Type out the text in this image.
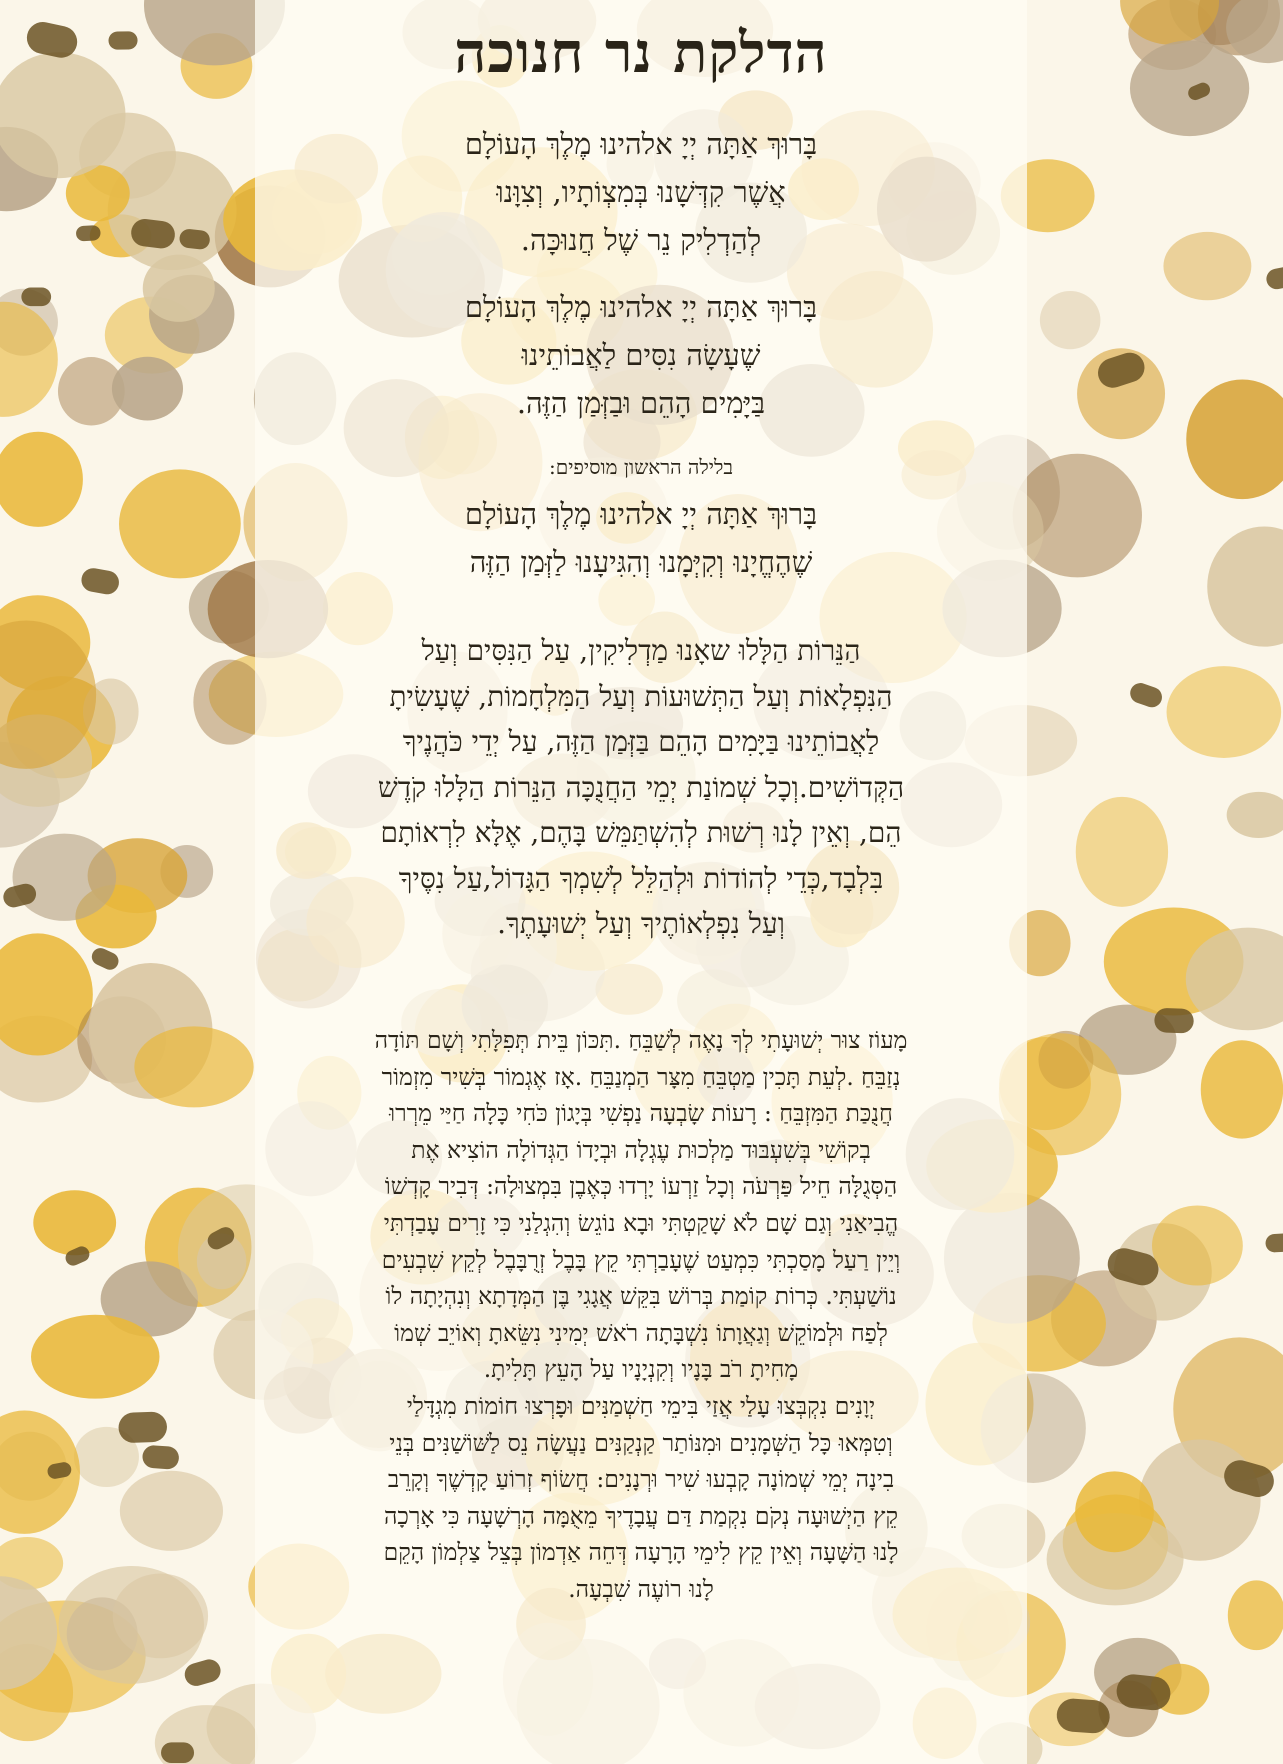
הדלקת נר חנוכה
בָּרוּךְ אַתָּה יְיָ אלהינוּ מֶלֶךְ הָעוֹלָם
אֲשֶׁר קִדְּשָׁנוּ בְּמִצְוֹתָיו, וְצִוָּנוּ
לְהַדְלִיק נֵר שֶׁל חֲנוּכָּה.
בָּרוּךְ אַתָּה יְיָ אלהינוּ מֶלֶךְ הָעוֹלָם
שֶׁעָשָׂה נִסִּים לַאֲבוֹתֵינוּ
בַּיָּמִים הָהֵם וּבַזְּמַן הַזֶּה.
בלילה הראשון מוסיפים:
בָּרוּךְ אַתָּה יְיָ אלהינוּ מֶלֶךְ הָעוֹלָם
שֶׁהֶחֱיָנוּ וְקִיְּמָנוּ וְהִגִּיעָנוּ לַזְּמַן הַזֶּה
הַנֵּרוֹת הַלָּלוּ שאָנוּ מַדְלִיקִין, עַל הַנִּסִּים וְעַל
הַנִּפְלָאוֹת וְעַל הַתְּשׁוּעוֹת וְעַל הַמִּלְחָמוֹת, שֶׁעָשִׂיתָ
לַאֲבוֹתֵינוּ בַּיָּמִים הָהֵם בַּזְּמַן הַזֶּה, עַל יְדֵי כֹּהֲנֶיךָ
הַקְּדוֹשִׁים.וְכָל שְׁמוֹנַת יְמֵי הַחֲנֻכָּה הַנֵּרוֹת הַלָּלוּ קֹדֶשׁ
הֵם, וְאֵין לָנוּ רְשׁוּת לְהִשְׁתַּמֵּשׁ בָּהֶם, אֶלָּא לִרְאוֹתָם
בִּלְבָד,כְּדֵי לְהוֹדוֹת וּלְהַלֵּל לְשִׁמְךָ הַגָּדוֹל,עַל נִסֶּיךָ
וְעַל נִפְלְאוֹתֶיךָ וְעַל יְשׁוּעָתֶךָ.
מָעוֹז צוּר יְשׁוּעָתִי לְךָ נָאֶה לְשַׁבֵּחַ .תִּכּוֹן בֵּית תְּפִלָּתִי וְשָׁם תּוֹדָה
נְזַבֵּחַ .לְעֵת תָּכִין מַטְבֵּחַ מִצָּר הַמְנַבֵּחַ .אָז אֶגְמוֹר בְּשִׁיר מִזְמוֹר
חֲנֻכַּת הַמִּזְבֵּחַ : רָעוֹת שָׂבְעָה נַפְשִׁי בְּיָגוֹן כֹּחִי כָּלָה חַיַּי מֵרְרוּ
בְקוֹשִׁי בְּשִׁעְבּוּד מַלְכוּת עֶגְלָה וּבְיָדוֹ הַגְּדוֹלָה הוֹצִיא אֶת
הַסְּגֻלָּה חֵיל פַּרְעֹה וְכָל זַרְעוֹ יָרְדוּ כְּאֶבֶן בִּמְצוּלָה: דְּבִיר קָדְשׁוֹ
הֱבִיאַנִי וְגַם שָׁם לֹא שָׁקַטְתִּי וּבָא נוֹגֵשׂ וְהִגְלַנִי כִּי זָרִים עָבַדְתִּי
וְיֵין רַעַל מָסַכְתִּי כִּמְעַט שֶׁעָבַרְתִּי קֵץ בָּבֶל זְרֻבָּבֶל לְקֵץ שִׁבְעִים
נוֹשַׁעְתִּי. כְּרוֹת קוֹמַת בְּרוֹשׁ בִּקֵּשׁ אֲגָגִי בֶּן הַמְּדָתָא וְנִהְיָתָה לוֹ
לְפַח וּלְמוֹקֵשׁ וְגַאֲוָתוֹ נִשְׁבָּתָה רֹאשׁ יְמִינִי נִשֵּׂאתָ וְאוֹיֵב שְׁמוֹ
מָחִיתָ רֹב בָּנָיו וְקִנְיָנָיו עַל הָעֵץ תָּלִיתָ.
יְוָנִים נִקְבְּצוּ עָלַי אֲזַי בִּימֵי חַשְׁמַנִּים וּפָרְצוּ חוֹמוֹת מִגְדָּלַי
וְטִמְּאוּ כָּל הַשְּׁמָנִים וּמִנּוֹתַר קַנְקַנִּים נַעֲשָׂה נֵס לַשּׁוֹשַׁנִּים בְּנֵי
בִינָה יְמֵי שְׁמוֹנָה קָבְעוּ שִׁיר וּרְנָנִים: חֲשׂוֹף זְרוֹעַ קָדְשֶׁךָ וְקָרֵב
קֵץ הַיְשׁוּעָה נְקֹם נִקְמַת דַּם עֲבָדֶיךָ מֵאֻמָּה הָרְשָׁעָה כִּי אָרְכָה
לָנוּ הַשָּׁעָה וְאֵין קֵץ לִימֵי הָרָעָה דְּחֵה אַדְמוֹן בְּצֵל צַלְמוֹן הָקֵם
לָנוּ רוֹעֶה שִׁבְעָה.
